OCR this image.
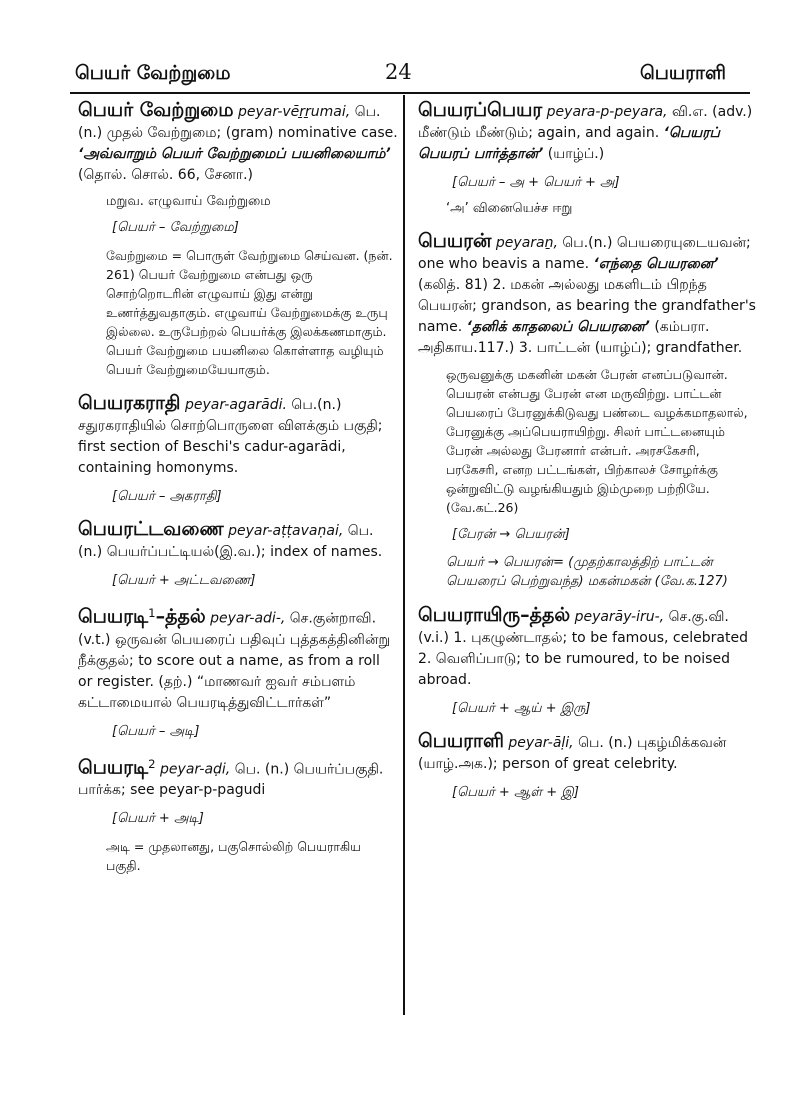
பெயர் வேற்றுமை	24	பெயராளி

பெயர் வேற்றுமை peyar-vēṟṟumai, பெ.(n.) முதல் வேற்றுமை; (gram) nominative case. ‘அவ்வாறும் பெயர் வேற்றுமைப் பயனிலையாம்’ (தொல். சொல். 66, சேனா.)

மறுவ. எழுவாய் வேற்றுமை
[பெயர் – வேற்றுமை]
வேற்றுமை = பொருள் வேற்றுமை செய்வன. (நன். 261) பெயர் வேற்றுமை என்பது ஒரு சொற்றொடரின் எழுவாய் இது என்று உணர்த்துவதாகும். எழுவாய் வேற்றுமைக்கு உருபு இல்லை. உருபேற்றல் பெயர்க்கு இலக்கணமாகும். பெயர் வேற்றுமை பயனிலை கொள்ளாத வழியும் பெயர் வேற்றுமையேயாகும்.

பெயரகராதி peyar-agarādi. பெ.(n.) சதுரகராதியில் சொற்பொருளை விளக்கும் பகுதி; first section of Beschi's cadur-agarādi, containing homonyms.

[பெயர் – அகராதி]

பெயரட்டவணை peyar-aṭṭavaṇai, பெ. (n.) பெயர்ப்பட்டியல்(இ.வ.); index of names.

[பெயர் + அட்டவணை]

பெயரடி$^1$–த்தல் peyar-adi-, செ.குன்றாவி. (v.t.) ஒருவன் பெயரைப் பதிவுப் புத்தகத்தினின்று நீக்குதல்; to score out a name, as from a roll or register. (தற்.) “மாணவர் ஐவர் சம்பளம் கட்டாமையால் பெயரடித்துவிட்டார்கள்”

[பெயர் – அடி]

பெயரடி$^2$ peyar-aḍi, பெ. (n.) பெயர்ப்பகுதி. பார்க்க; see peyar-p-pagudi

[பெயர் + அடி]
அடி = முதலானது, பகுசொல்லிற் பெயராகிய பகுதி.

பெயரப்பெயர peyara-p-peyara, வி.எ. (adv.) மீண்டும் மீண்டும்; again, and again. ‘பெயரப் பெயரப் பார்த்தான்’ (யாழ்ப்.)

[பெயர் – அ + பெயர் + அ]
‘அ’ வினையெச்ச ஈறு

பெயரன் peyaraṉ, பெ.(n.) பெயரையுடையவன்; one who beavis a name. ‘எந்தை பெயரனை’ (கலித். 81) 2. மகன் அல்லது மகளிடம் பிறந்த பெயரன்; grandson, as bearing the grandfather's name. ‘தனிக் காதலைப் பெயரனை’ (கம்பரா. அதிகாய.117.) 3. பாட்டன் (யாழ்ப்); grandfather.

ஒருவனுக்கு மகனின் மகன் பேரன் எனப்படுவான். பெயரன் என்பது பேரன் என மருவிற்று. பாட்டன் பெயரைப் பேரனுக்கிடுவது பண்டை வழக்கமாதலால், பேரனுக்கு அப்பெயராயிற்று. சிலர் பாட்டனையும் பேரன் அல்லது பேரனார் என்பர். அரசகேசரி, பரகேசரி, எனற பட்டங்கள், பிற்காலச் சோழர்க்கு ஒன்றுவிட்டு வழங்கியதும் இம்முறை பற்றியே. (வே.கட்.26)
[பேரன் → பெயரன்]
பெயர் → பெயரன்= (முதற்காலத்திற் பாட்டன் பெயரைப் பெற்றுவந்த) மகன்மகன் (வே.க.127)

பெயராயிரு–த்தல் peyarāy-iru-, செ.கு.வி. (v.i.) 1. புகழுண்டாதல்; to be famous, celebrated 2. வெளிப்பாடு; to be rumoured, to be noised abroad.

[பெயர் + ஆய் + இரு]

பெயராளி peyar-āḷi, பெ. (n.) புகழ்மிக்கவன் (யாழ்.அக.); person of great celebrity.

[பெயர் + ஆள் + இ]
